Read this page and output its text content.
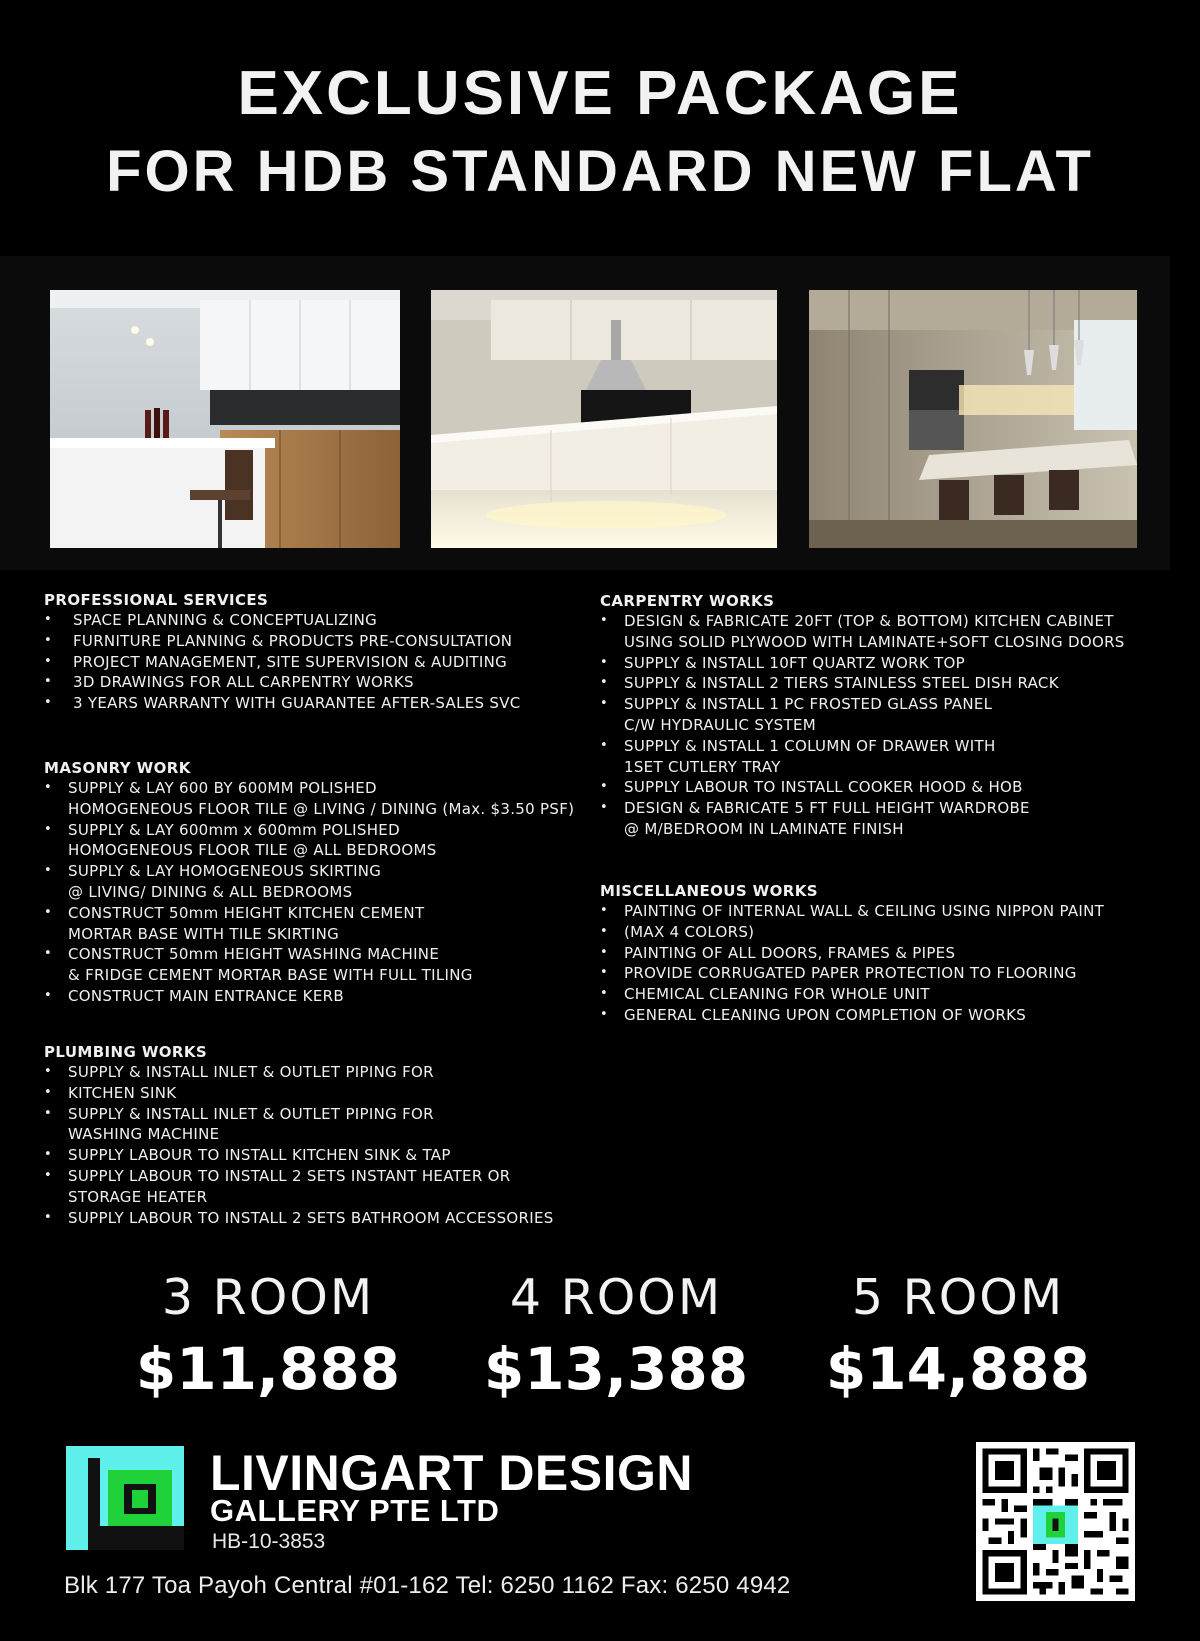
EXCLUSIVE PACKAGE
FOR HDB STANDARD NEW FLAT
PROFESSIONAL SERVICES
• SPACE PLANNING & CONCEPTUALIZING
• FURNITURE PLANNING & PRODUCTS PRE-CONSULTATION
• PROJECT MANAGEMENT, SITE SUPERVISION & AUDITING
• 3D DRAWINGS FOR ALL CARPENTRY WORKS
• 3 YEARS WARRANTY WITH GUARANTEE AFTER-SALES SVC
MASONRY WORK
• SUPPLY & LAY 600 BY 600MM POLISHED
HOMOGENEOUS FLOOR TILE @ LIVING / DINING (Max. $3.50 PSF)
• SUPPLY & LAY 600mm x 600mm POLISHED
HOMOGENEOUS FLOOR TILE @ ALL BEDROOMS
• SUPPLY & LAY HOMOGENEOUS SKIRTING
@ LIVING/ DINING & ALL BEDROOMS
• CONSTRUCT 50mm HEIGHT KITCHEN CEMENT
MORTAR BASE WITH TILE SKIRTING
• CONSTRUCT 50mm HEIGHT WASHING MACHINE
& FRIDGE CEMENT MORTAR BASE WITH FULL TILING
• CONSTRUCT MAIN ENTRANCE KERB
PLUMBING WORKS
• SUPPLY & INSTALL INLET & OUTLET PIPING FOR
• KITCHEN SINK
• SUPPLY & INSTALL INLET & OUTLET PIPING FOR
WASHING MACHINE
• SUPPLY LABOUR TO INSTALL KITCHEN SINK & TAP
• SUPPLY LABOUR TO INSTALL 2 SETS INSTANT HEATER OR
STORAGE HEATER
• SUPPLY LABOUR TO INSTALL 2 SETS BATHROOM ACCESSORIES
CARPENTRY WORKS
• DESIGN & FABRICATE 20FT (TOP & BOTTOM) KITCHEN CABINET
USING SOLID PLYWOOD WITH LAMINATE+SOFT CLOSING DOORS
• SUPPLY & INSTALL 10FT QUARTZ WORK TOP
• SUPPLY & INSTALL 2 TIERS STAINLESS STEEL DISH RACK
• SUPPLY & INSTALL 1 PC FROSTED GLASS PANEL
C/W HYDRAULIC SYSTEM
• SUPPLY & INSTALL 1 COLUMN OF DRAWER WITH
1SET CUTLERY TRAY
• SUPPLY LABOUR TO INSTALL COOKER HOOD & HOB
• DESIGN & FABRICATE 5 FT FULL HEIGHT WARDROBE
@ M/BEDROOM IN LAMINATE FINISH
MISCELLANEOUS WORKS
• PAINTING OF INTERNAL WALL & CEILING USING NIPPON PAINT
• (MAX 4 COLORS)
• PAINTING OF ALL DOORS, FRAMES & PIPES
• PROVIDE CORRUGATED PAPER PROTECTION TO FLOORING
• CHEMICAL CLEANING FOR WHOLE UNIT
• GENERAL CLEANING UPON COMPLETION OF WORKS
3 ROOM
$11,888
4 ROOM
$13,388
5 ROOM
$14,888
LIVINGART DESIGN
GALLERY PTE LTD
HB-10-3853
Blk 177 Toa Payoh Central #01-162 Tel: 6250 1162 Fax: 6250 4942
